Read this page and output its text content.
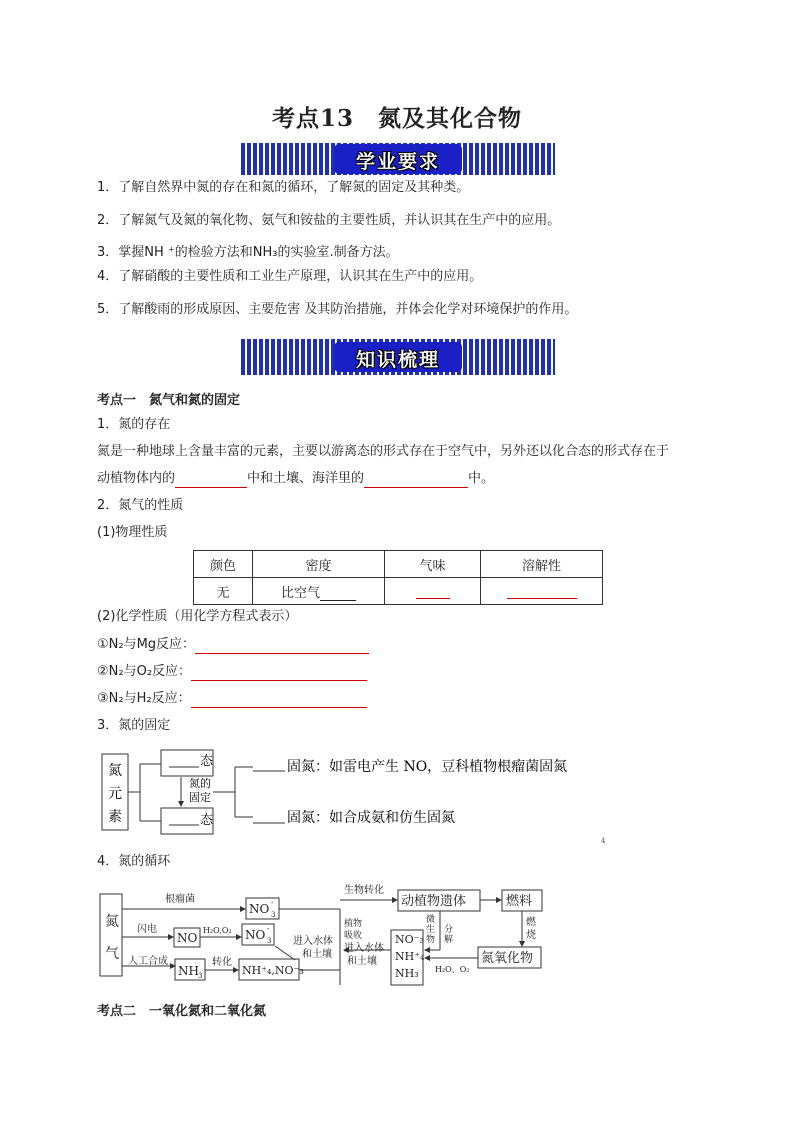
考点13　氮及其化合物
学业要求
1．了解自然界中氮的存在和氮的循环，了解氮的固定及其种类。
2．了解氮气及氮的氧化物、氨气和铵盐的主要性质，并认识其在生产中的应用。
3．掌握NH ⁺的检验方法和NH₃的实验室.制备方法。
4．了解硝酸的主要性质和工业生产原理，认识其在生产中的应用。
5．了解酸雨的形成原因、主要危害 及其防治措施，并体会化学对环境保护的作用。
知识梳理
考点一　氮气和氮的固定
1．氮的存在
氮是一种地球上含量丰富的元素，主要以游离态的形式存在于空气中，另外还以化合态的形式存在于
动植物体内的	中和土壤、海洋里的	中。
2．氮气的性质
(1)物理性质
颜色	密度	气味	溶解性
无	比空气		
(2)化学性质（用化学方程式表示）
①N₂与Mg反应：
②N₂与O₂反应：
③N₂与H₂反应：
3．氮的固定
氮
元
素
态
态
氮的
固定
固氮：如雷电产生 NO，豆科植物根瘤菌固氮
固氮：如合成氨和仿生固氮
4
4．氮的循环
氮
气
根瘤菌
闪电
人工合成
NO
NO -
3
NO -
3
H₂O,O₂
NH 3
转化
NH⁺₄,NO⁻₃
进入水体
和土壤
生物转化
植物
吸收
进入水体
和土壤
动植物遗体	燃料
微
生
物
分
解
燃
烧
NO⁻₃
NH⁺₄
NH₃
氮氧化物
H₂O、O₂
考点二　一氧化氮和二氧化氮
